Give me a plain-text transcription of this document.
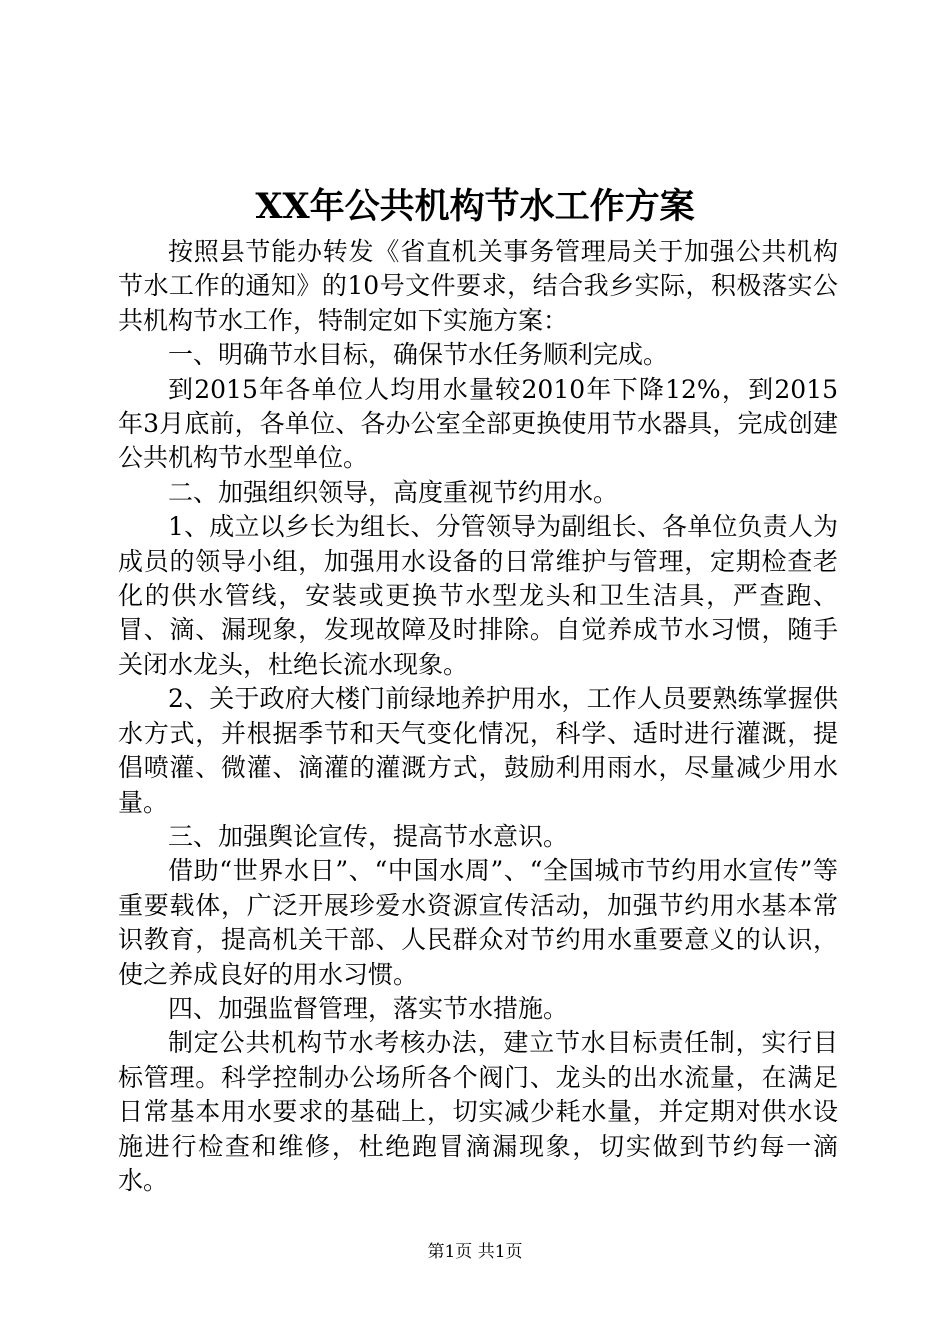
XX年公共机构节水工作方案

按照县节能办转发《省直机关事务管理局关于加强公共机构节水工作的通知》的10号文件要求，结合我乡实际，积极落实公共机构节水工作，特制定如下实施方案：

一、明确节水目标，确保节水任务顺利完成。

到2015年各单位人均用水量较2010年下降12%，到2015年3月底前，各单位、各办公室全部更换使用节水器具，完成创建公共机构节水型单位。

二、加强组织领导，高度重视节约用水。

1、成立以乡长为组长、分管领导为副组长、各单位负责人为成员的领导小组，加强用水设备的日常维护与管理，定期检查老化的供水管线，安装或更换节水型龙头和卫生洁具，严查跑、冒、滴、漏现象，发现故障及时排除。自觉养成节水习惯，随手关闭水龙头，杜绝长流水现象。

2、关于政府大楼门前绿地养护用水，工作人员要熟练掌握供水方式，并根据季节和天气变化情况，科学、适时进行灌溉，提倡喷灌、微灌、滴灌的灌溉方式，鼓励利用雨水，尽量减少用水量。

三、加强舆论宣传，提高节水意识。

借助“世界水日”、“中国水周”、“全国城市节约用水宣传”等重要载体，广泛开展珍爱水资源宣传活动，加强节约用水基本常识教育，提高机关干部、人民群众对节约用水重要意义的认识，使之养成良好的用水习惯。

四、加强监督管理，落实节水措施。

制定公共机构节水考核办法，建立节水目标责任制，实行目标管理。科学控制办公场所各个阀门、龙头的出水流量，在满足日常基本用水要求的基础上，切实减少耗水量，并定期对供水设施进行检查和维修，杜绝跑冒滴漏现象，切实做到节约每一滴水。

第1页 共1页
